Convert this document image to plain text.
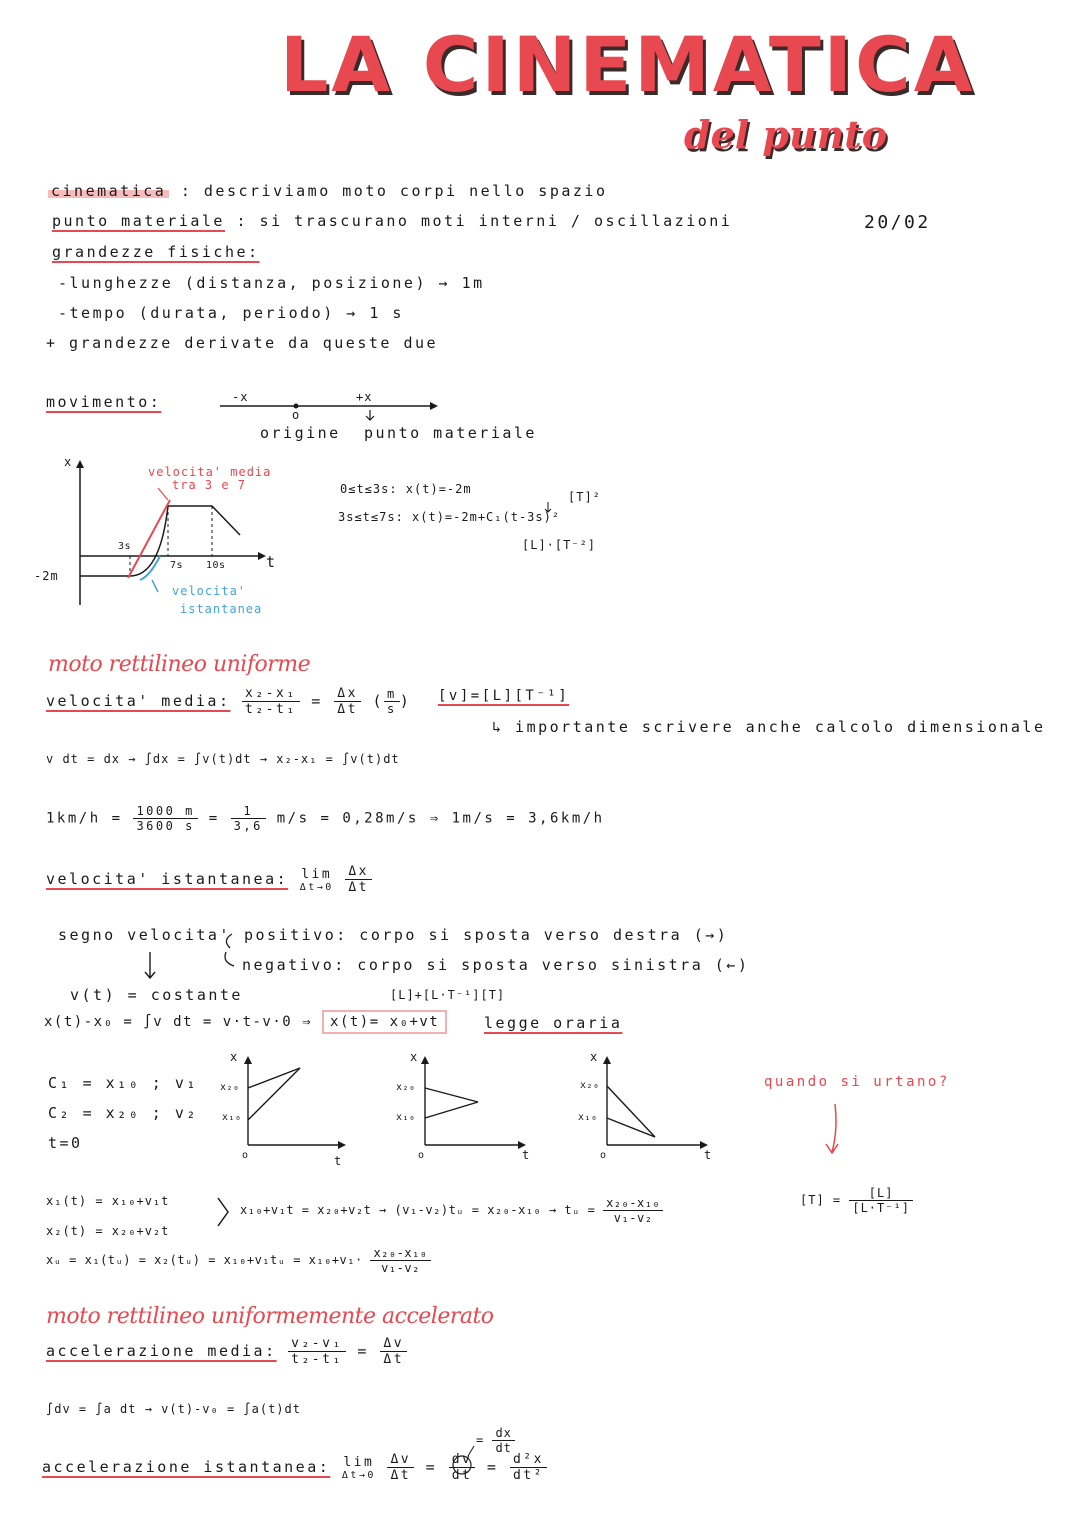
LA CINEMATICA
del punto
20/02
cinematica : descriviamo moto corpi nello spazio
punto materiale : si trascurano moti interni / oscillazioni
grandezze fisiche:
-lunghezze (distanza, posizione) → 1m
-tempo (durata, periodo) → 1 s
+ grandezze derivate da queste due
movimento:	-x	+x
o
origine punto materiale
x
t
-2m
3s
7s 10s
velocita' media
tra 3 e 7
velocita'
istantanea
0≤t≤3s: x(t)=-2m
[T]²
3s≤t≤7s: x(t)=-2m+C₁(t-3s)²
[L]·[T⁻²]
moto rettilineo uniforme
velocita' media: $\frac{\text{x₂-x₁}}{\text{t₂-t₁}} = \frac{\Delta x}{\Delta t}$ ( $\frac{m}{s}$ ) [v]=[L][T⁻¹]
↳ importante scrivere anche calcolo dimensionale
v dt = dx → ∫dx = ∫v(t)dt → x₂-x₁ = ∫v(t)dt
$1km/h = \frac{1000 m}{3600 s} = \frac{1}{3,6} m/s = 0,28m/s$ ⇒ 1m/s = 3,6km/h
velocita' istantanea: lim
Δt→0
$\frac{\Delta x}{\Delta t}$
segno velocita' positivo: corpo si sposta verso destra (→)
negativo: corpo si sposta verso sinistra (←)
v(t) = costante	[L]+[L·T⁻¹][T]
x(t)-x₀ = ∫v dt = v·t-v·0 ⇒ x(t)= x₀+vt	legge oraria
C₁ = x₁₀ ; v₁
C₂ = x₂₀ ; v₂
t=0
x
x₂₀
x₁₀
o	t
x
x₂₀
x₁₀
o	t
x
x₂₀
x₁₀
o	t
quando si urtano?
x₁(t) = x₁₀+v₁t
x₂(t) = x₂₀+v₂t
x₁₀+v₁t = x₂₀+v₂t → (v₁-v₂)tᵤ = x₂₀-x₁₀ → tᵤ = $\frac{\text{x₂₀-x₁₀}}{\text{v₁-v₂}}$	$[T] = \frac{[L]}{\text{[L·T⁻¹]}}$
xᵤ = x₁(tᵤ) = x₂(tᵤ) = x₁₀+v₁tᵤ = $x_{10}+v_1\cdot \frac{\text{x₂₀-x₁₀}}{\text{v₁-v₂}}$
moto rettilineo uniformemente accelerato
accelerazione media: $\frac{\text{v₂-v₁}}{\text{t₂-t₁}} = \frac{\Delta v}{\Delta t}$
∫dv = ∫a dt → v(t)-v₀ = ∫a(t)dt
accelerazione istantanea: lim
Δt→0
$\frac{\Delta v}{\Delta t} = \frac{dv}{dt} = \frac{\text{d²x}}{\text{dt²}}$
= $\frac{dx}{dt}$
